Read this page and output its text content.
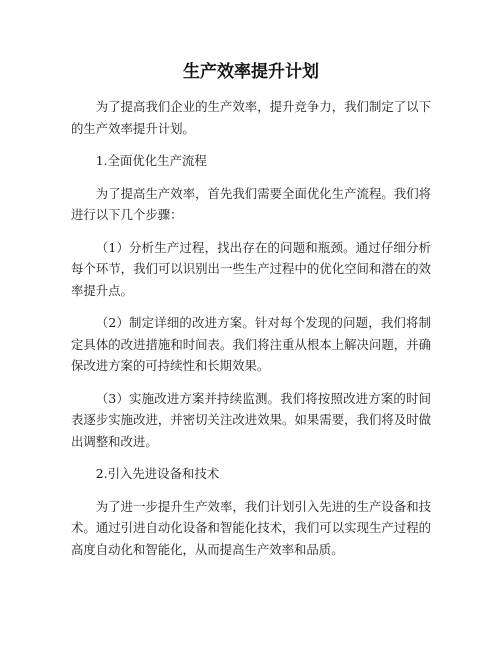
生产效率提升计划

为了提高我们企业的生产效率，提升竞争力，我们制定了以下的生产效率提升计划。

1.全面优化生产流程

为了提高生产效率，首先我们需要全面优化生产流程。我们将进行以下几个步骤：

（1）分析生产过程，找出存在的问题和瓶颈。通过仔细分析每个环节，我们可以识别出一些生产过程中的优化空间和潜在的效率提升点。

（2）制定详细的改进方案。针对每个发现的问题，我们将制定具体的改进措施和时间表。我们将注重从根本上解决问题，并确保改进方案的可持续性和长期效果。

（3）实施改进方案并持续监测。我们将按照改进方案的时间表逐步实施改进，并密切关注改进效果。如果需要，我们将及时做出调整和改进。

2.引入先进设备和技术

为了进一步提升生产效率，我们计划引入先进的生产设备和技术。通过引进自动化设备和智能化技术，我们可以实现生产过程的高度自动化和智能化，从而提高生产效率和品质。
